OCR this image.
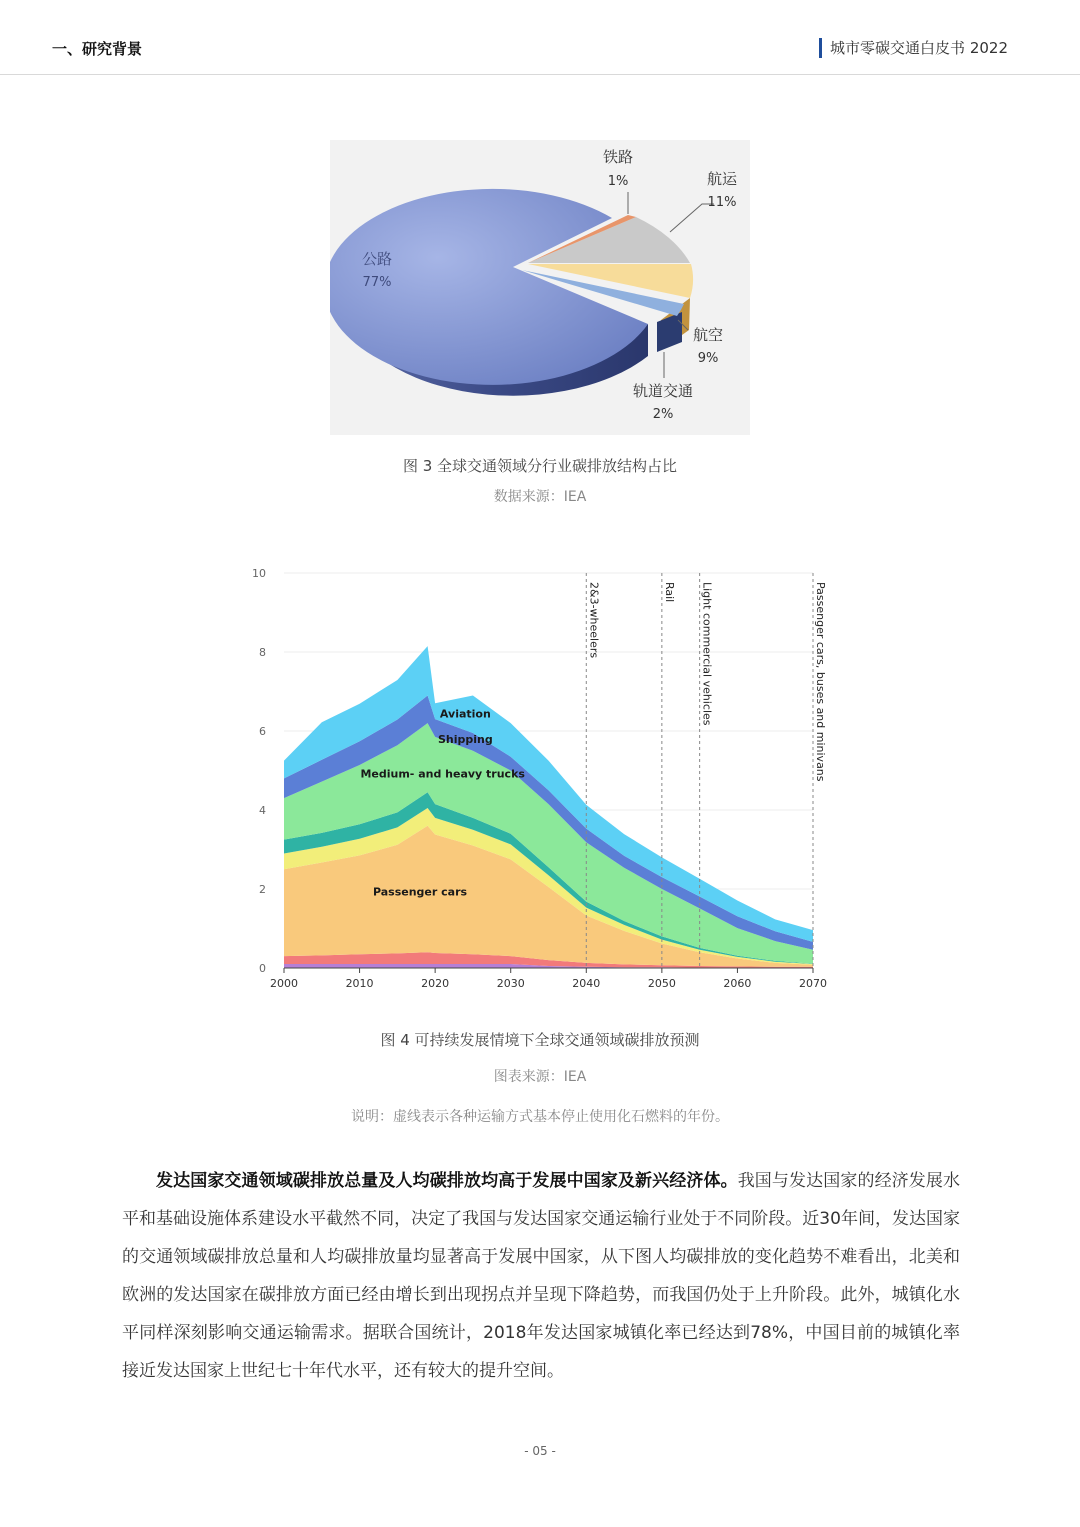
一、研究背景	城市零碳交通白皮书 2022
公路
77%
铁路
1%	航运
11%
航空
9%
轨道交通
2%
图 3 全球交通领域分行业碳排放结构占比
数据来源：IEA
Passenger cars
Medium- and heavy trucks
Shipping
Aviation
2&3-wheelers	Rail Light commercial vehicles	Passenger cars, buses and minivans
0
2
4
6
8
10
2000	2010	2020	2030	2040	2050	2060	2070
图 4 可持续发展情境下全球交通领域碳排放预测
图表来源：IEA
说明：虚线表示各种运输方式基本停止使用化石燃料的年份。

发达国家交通领域碳排放总量及人均碳排放均高于发展中国家及新兴经济体。我国与发达国家的经济发展水平和基础设施体系建设水平截然不同，决定了我国与发达国家交通运输行业处于不同阶段。近30年间，发达国家的交通领域碳排放总量和人均碳排放量均显著高于发展中国家，从下图人均碳排放的变化趋势不难看出，北美和欧洲的发达国家在碳排放方面已经由增长到出现拐点并呈现下降趋势，而我国仍处于上升阶段。此外，城镇化水平同样深刻影响交通运输需求。据联合国统计，2018年发达国家城镇化率已经达到78%，中国目前的城镇化率接近发达国家上世纪七十年代水平，还有较大的提升空间。

- 05 -
